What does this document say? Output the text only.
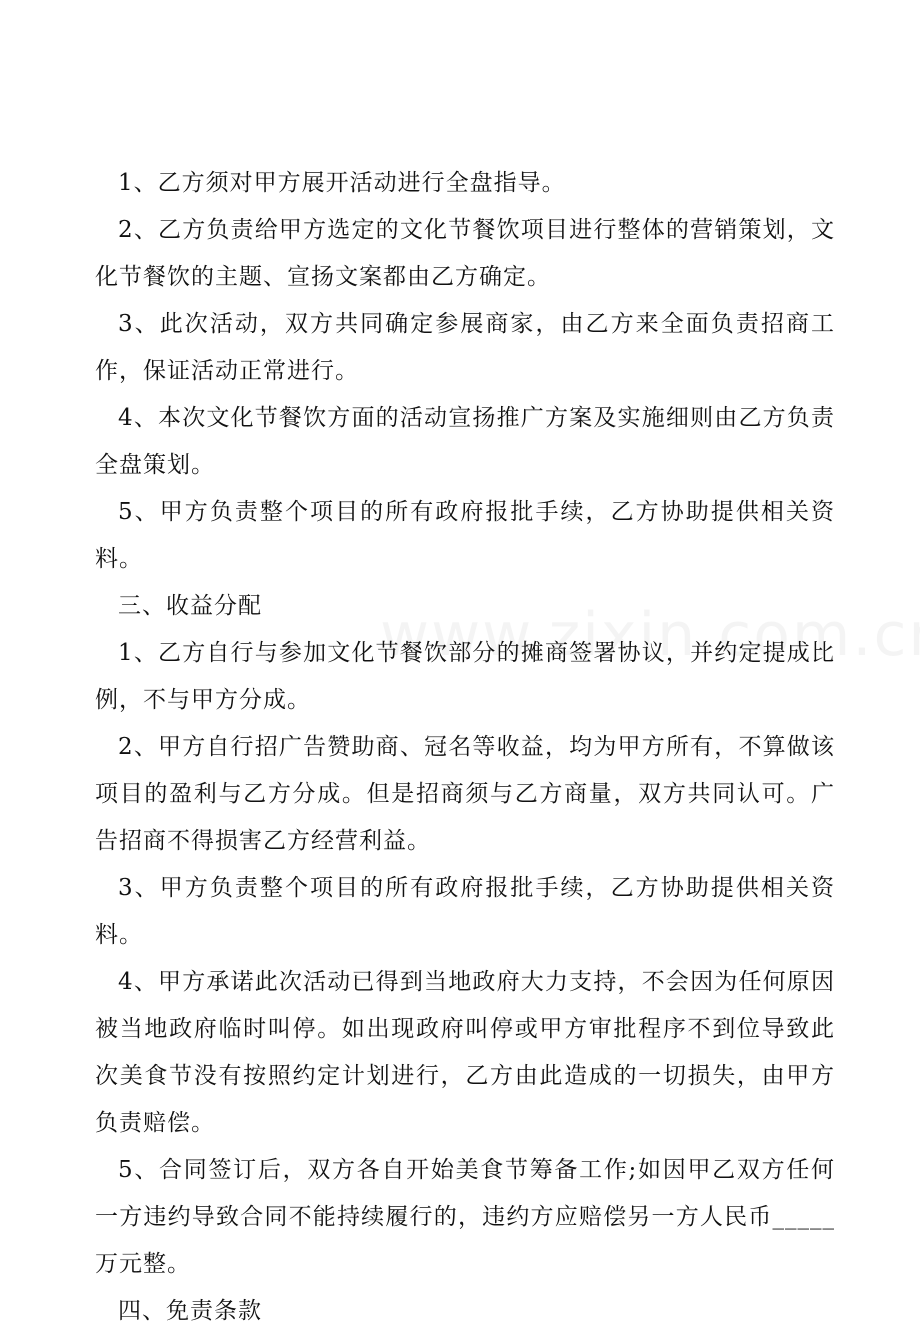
1、乙方须对甲方展开活动进行全盘指导。

2、乙方负责给甲方选定的文化节餐饮项目进行整体的营销策划，文化节餐饮的主题、宣扬文案都由乙方确定。

3、此次活动，双方共同确定参展商家，由乙方来全面负责招商工作，保证活动正常进行。

4、本次文化节餐饮方面的活动宣扬推广方案及实施细则由乙方负责全盘策划。

5、甲方负责整个项目的所有政府报批手续，乙方协助提供相关资料。

三、收益分配

1、乙方自行与参加文化节餐饮部分的摊商签署协议，并约定提成比例，不与甲方分成。

2、甲方自行招广告赞助商、冠名等收益，均为甲方所有，不算做该项目的盈利与乙方分成。但是招商须与乙方商量，双方共同认可。广告招商不得损害乙方经营利益。

3、甲方负责整个项目的所有政府报批手续，乙方协助提供相关资料。

4、甲方承诺此次活动已得到当地政府大力支持，不会因为任何原因被当地政府临时叫停。如出现政府叫停或甲方审批程序不到位导致此次美食节没有按照约定计划进行，乙方由此造成的一切损失，由甲方负责赔偿。

5、合同签订后，双方各自开始美食节筹备工作;如因甲乙双方任何一方违约导致合同不能持续履行的，违约方应赔偿另一方人民币_____万元整。

四、免责条款
